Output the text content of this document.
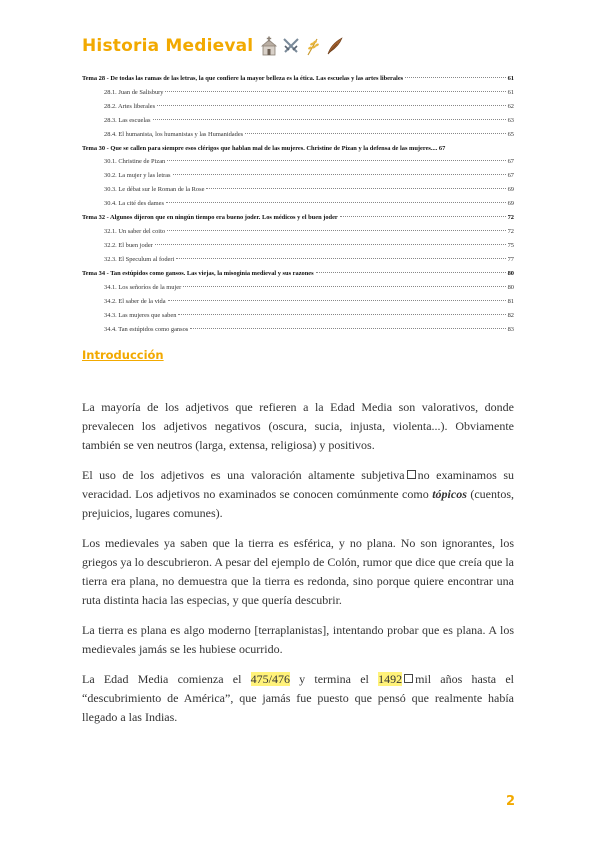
Historia Medieval
Tema 28 - De todas las ramas de las letras, la que confiere la mayor belleza es la ética. Las escuelas y las artes liberales	61
28.1. Juan de Salisbury	61
28.2. Artes liberales	62
28.3. Las escuelas	63
28.4. El humanista, los humanistas y las Humanidades	65
Tema 30 - Que se callen para siempre esos clérigos que hablan mal de las mujeres. Christine de Pizan y la defensa de las mujeres.... 67
30.1. Christine de Pizan	67
30.2. La mujer y las letras	67
30.3. Le débat sur le Roman de la Rose	69
30.4. La cité des dames	69
Tema 32 - Algunos dijeron que en ningún tiempo era bueno joder. Los médicos y el buen joder	72
32.1. Un saber del coito	72
32.2. El buen joder	75
32.3. El Speculum al foderi	77
Tema 34 - Tan estúpidos como gansos. Las viejas, la misoginia medieval y sus razones	80
34.1. Los señoríos de la mujer	80
34.2. El saber de la vida	81
34.3. Las mujeres que saben	82
34.4. Tan estúpidos como gansos	83
Introducción

La mayoría de los adjetivos que refieren a la Edad Media son valorativos, donde prevalecen los adjetivos negativos (oscura, sucia, injusta, violenta...). Obviamente también se ven neutros (larga, extensa, religiosa) y positivos.

El uso de los adjetivos es una valoración altamente subjetiva no examinamos su veracidad. Los adjetivos no examinados se conocen comúnmente como tópicos (cuentos, prejuicios, lugares comunes).

Los medievales ya saben que la tierra es esférica, y no plana. No son ignorantes, los griegos ya lo descubrieron. A pesar del ejemplo de Colón, rumor que dice que creía que la tierra era plana, no demuestra que la tierra es redonda, sino porque quiere encontrar una ruta distinta hacia las especias, y que quería descubrir.

La tierra es plana es algo moderno [terraplanistas], intentando probar que es plana. A los medievales jamás se les hubiese ocurrido.

La Edad Media comienza el 475/476 y termina el 1492 mil años hasta el “descubrimiento de América”, que jamás fue puesto que pensó que realmente había llegado a las Indias.

2
